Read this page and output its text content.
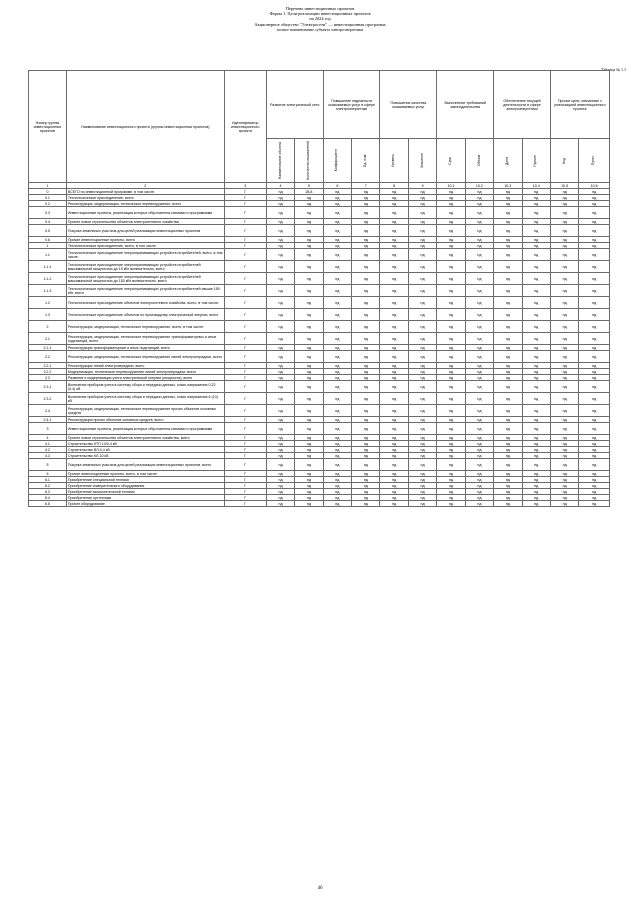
Перечень инвестиционных проектов
Форма 1. Цели реализации инвестиционных проектов
на 2024 год
Акционерное общество "Электросети" — инвестиционная программа
полное наименование субъекта электроэнергетики
Таблица № 1.1
Номер группы инвестиционных проектов	Наименование инвестиционного проекта (группы инвестиционных проектов)	Идентификатор инвестиционного проекта	Развитие электрической сети		Повышение надежности оказываемых услуг в сфере электроэнергетики		Повышение качества оказываемых услуг		Выполнение требований законодательства		Обеспечение текущей деятельности в сфере электроэнергетики		Прочие цели, связанные с реализацией инвестиционного проекта	

			Наименование объекта	Количество показателей	Коэффициент	Ед. изм.	Уровень	Значение	Срок	Объем	Доля	Прочее	Код	Пункт

1	2	3	4	5	6	7	8	9	10.1	10.2	10.3	10.4	10.5	10.6
0	ВСЕГО по инвестиционной программе, в том числе:	Г	нд	28,8	нд	нд	нд	нд	нд	нд	нд	нд	нд	нд
0.1	Технологическое присоединение, всего	Г	нд	нд	нд	нд	нд	нд	нд	нд	нд	нд	нд	нд
0.2	Реконструкция, модернизация, техническое перевооружение, всего	Г	нд	нд	нд	нд	нд	нд	нд	нд	нд	нд	нд	нд
0.3	Инвестиционные проекты, реализация которых обусловлена схемами и программами	Г	нд	нд	нд	нд	нд	нд	нд	нд	нд	нд	нд	нд
0.4	Прочее новое строительство объектов электросетевого хозяйства	Г	нд	нд	нд	нд	нд	нд	нд	нд	нд	нд	нд	нд
0.5	Покупка земельных участков для целей реализации инвестиционных проектов	Г	нд	нд	нд	нд	нд	нд	нд	нд	нд	нд	нд	нд
0.6	Прочие инвестиционные проекты, всего	Г	нд	нд	нд	нд	нд	нд	нд	нд	нд	нд	нд	нд
1	Технологическое присоединение, всего, в том числе:	Г	нд	нд	нд	нд	нд	нд	нд	нд	нд	нд	нд	нд
1.1	Технологическое присоединение энергопринимающих устройств потребителей, всего, в том числе:	Г	нд	нд	нд	нд	нд	нд	нд	нд	нд	нд	нд	нд
1.1.1	Технологическое присоединение энергопринимающих устройств потребителей максимальной мощностью до 15 кВт включительно, всего	Г	нд	нд	нд	нд	нд	нд	нд	нд	нд	нд	нд	нд
1.1.2	Технологическое присоединение энергопринимающих устройств потребителей максимальной мощностью до 150 кВт включительно, всего	Г	нд	нд	нд	нд	нд	нд	нд	нд	нд	нд	нд	нд
1.1.3	Технологическое присоединение энергопринимающих устройств потребителей свыше 150 кВт, всего	Г	нд	нд	нд	нд	нд	нд	нд	нд	нд	нд	нд	нд
1.2	Технологическое присоединение объектов электросетевого хозяйства, всего, в том числе:	Г	нд	нд	нд	нд	нд	нд	нд	нд	нд	нд	нд	нд
1.3	Технологическое присоединение объектов по производству электрической энергии, всего	Г	нд	нд	нд	нд	нд	нд	нд	нд	нд	нд	нд	нд
2	Реконструкция, модернизация, техническое перевооружение, всего, в том числе:	Г	нд	нд	нд	нд	нд	нд	нд	нд	нд	нд	нд	нд
2.1	Реконструкция, модернизация, техническое перевооружение трансформаторных и иных подстанций, всего	Г	нд	нд	нд	нд	нд	нд	нд	нд	нд	нд	нд	нд
2.1.1	Реконструкция трансформаторных и иных подстанций, всего	Г	нд	нд	нд	нд	нд	нд	нд	нд	нд	нд	нд	нд
2.2	Реконструкция, модернизация, техническое перевооружение линий электропередачи, всего	Г	нд	нд	нд	нд	нд	нд	нд	нд	нд	нд	нд	нд
2.2.1	Реконструкция линий электропередачи, всего	Г	нд	нд	нд	нд	нд	нд	нд	нд	нд	нд	нд	нд
2.2.2	Модернизация, техническое перевооружение линий электропередачи, всего	Г	нд	нд	нд	нд	нд	нд	нд	нд	нд	нд	нд	нд
2.3	Развитие и модернизация учета электрической энергии (мощности), всего	Г	нд	нд	нд	нд	нд	нд	нд	нд	нд	нд	нд	нд
2.3.1	Включение приборов учета в систему сбора и передачи данных, класс напряжения 0,22 (0,4) кВ	Г	нд	нд	нд	нд	нд	нд	нд	нд	нд	нд	нд	нд
2.3.2	Включение приборов учета в систему сбора и передачи данных, класс напряжения 6 (10) кВ	Г	нд	нд	нд	нд	нд	нд	нд	нд	нд	нд	нд	нд
2.4	Реконструкция, модернизация, техническое перевооружение прочих объектов основных средств	Г	нд	нд	нд	нд	нд	нд	нд	нд	нд	нд	нд	нд
2.4.1	Реконструкция прочих объектов основных средств, всего	Г	нд	нд	нд	нд	нд	нд	нд	нд	нд	нд	нд	нд
3	Инвестиционные проекты, реализация которых обусловлена схемами и программами	Г	нд	нд	нд	нд	нд	нд	нд	нд	нд	нд	нд	нд
4	Прочее новое строительство объектов электросетевого хозяйства, всего	Г	нд	нд	нд	нд	нд	нд	нд	нд	нд	нд	нд	нд
4.1	Строительство КТП 10/0,4 кВ	Г	нд	нд	нд	нд	нд	нд	нд	нд	нд	нд	нд	нд
4.2	Строительство ВЛ-0,4 кВ	Г	нд	нд	нд	нд	нд	нд	нд	нд	нд	нд	нд	нд
4.3	Строительство КЛ-10 кВ	Г	нд	нд	нд	нд	нд	нд	нд	нд	нд	нд	нд	нд
5	Покупка земельных участков для целей реализации инвестиционных проектов, всего	Г	нд	нд	нд	нд	нд	нд	нд	нд	нд	нд	нд	нд
6	Прочие инвестиционные проекты, всего, в том числе:	Г	нд	нд	нд	нд	нд	нд	нд	нд	нд	нд	нд	нд
6.1	Приобретение специальной техники	Г	нд	нд	нд	нд	нд	нд	нд	нд	нд	нд	нд	нд
6.2	Приобретение измерительного оборудования	Г	нд	нд	нд	нд	нд	нд	нд	нд	нд	нд	нд	нд
6.3	Приобретение вычислительной техники	Г	нд	нд	нд	нд	нд	нд	нд	нд	нд	нд	нд	нд
6.4	Приобретение оргтехники	Г	нд	нд	нд	нд	нд	нд	нд	нд	нд	нд	нд	нд
6.5	Прочее оборудование	Г	нд	нд	нд	нд	нд	нд	нд	нд	нд	нд	нд	нд
46
